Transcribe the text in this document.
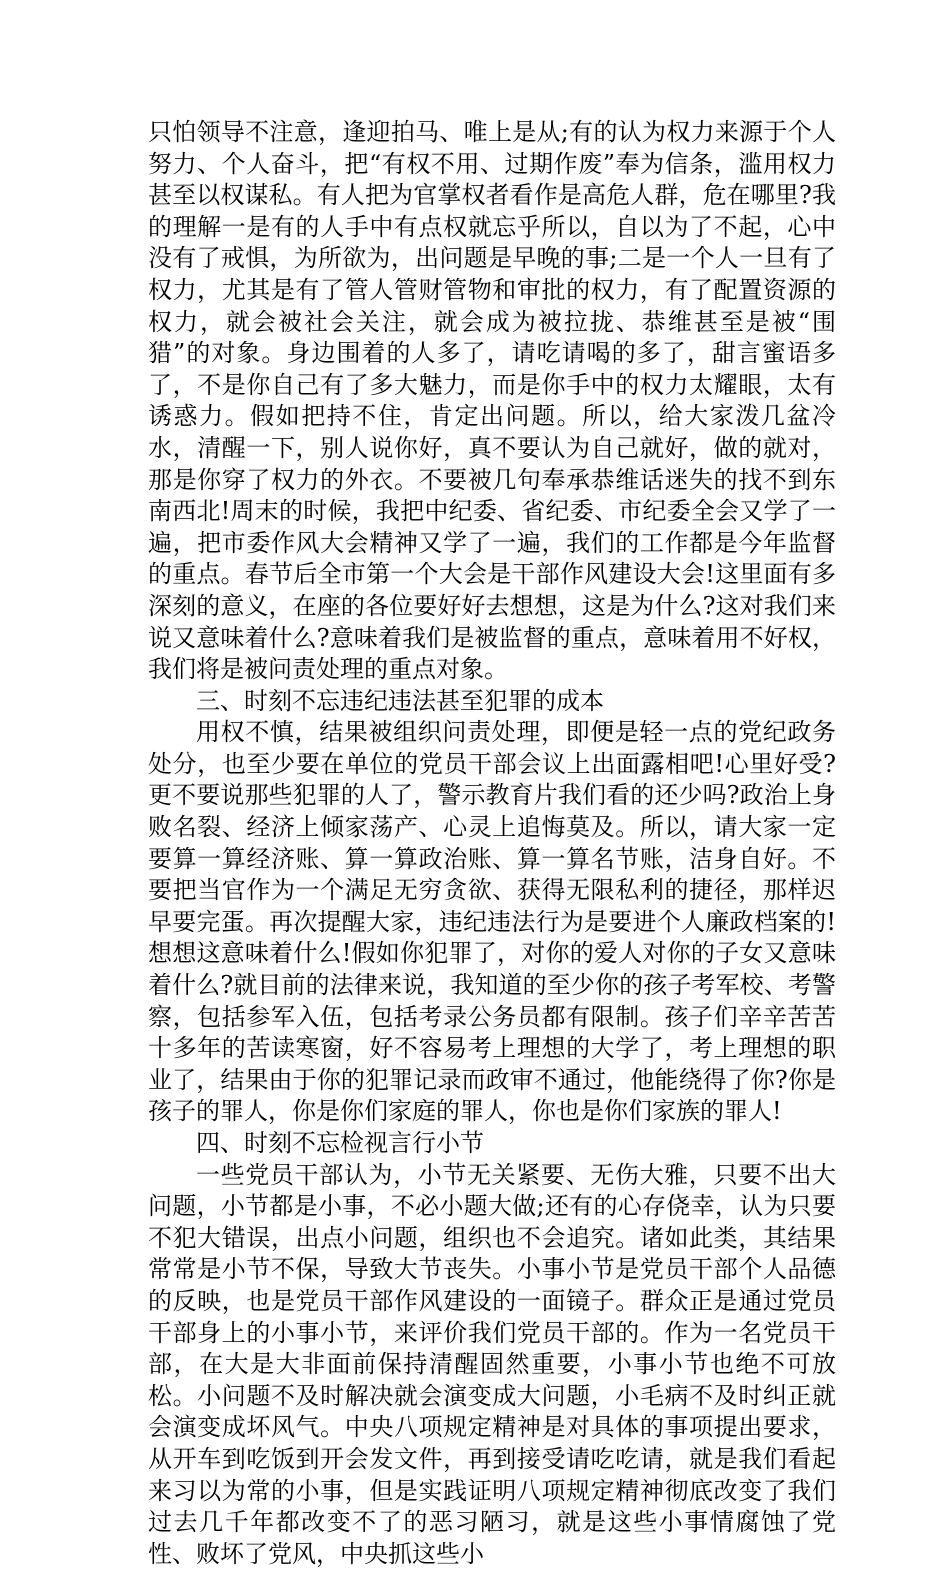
只怕领导不注意，逢迎拍马、唯上是从;有的认为权力来源于个人努力、个人奋斗，把“有权不用、过期作废”奉为信条，滥用权力甚至以权谋私。有人把为官掌权者看作是高危人群，危在哪里?我的理解一是有的人手中有点权就忘乎所以，自以为了不起，心中没有了戒惧，为所欲为，出问题是早晚的事;二是一个人一旦有了权力，尤其是有了管人管财管物和审批的权力，有了配置资源的权力，就会被社会关注，就会成为被拉拢、恭维甚至是被“围猎”的对象。身边围着的人多了，请吃请喝的多了，甜言蜜语多了，不是你自己有了多大魅力，而是你手中的权力太耀眼，太有诱惑力。假如把持不住，肯定出问题。所以，给大家泼几盆冷水，清醒一下，别人说你好，真不要认为自己就好，做的就对，那是你穿了权力的外衣。不要被几句奉承恭维话迷失的找不到东南西北!周末的时候，我把中纪委、省纪委、市纪委全会又学了一遍，把市委作风大会精神又学了一遍，我们的工作都是今年监督的重点。春节后全市第一个大会是干部作风建设大会!这里面有多深刻的意义，在座的各位要好好去想想，这是为什么?这对我们来说又意味着什么?意味着我们是被监督的重点，意味着用不好权，我们将是被问责处理的重点对象。

三、时刻不忘违纪违法甚至犯罪的成本

用权不慎，结果被组织问责处理，即便是轻一点的党纪政务处分，也至少要在单位的党员干部会议上出面露相吧!心里好受?更不要说那些犯罪的人了，警示教育片我们看的还少吗?政治上身败名裂、经济上倾家荡产、心灵上追悔莫及。所以，请大家一定要算一算经济账、算一算政治账、算一算名节账，洁身自好。不要把当官作为一个满足无穷贪欲、获得无限私利的捷径，那样迟早要完蛋。再次提醒大家，违纪违法行为是要进个人廉政档案的!想想这意味着什么!假如你犯罪了，对你的爱人对你的子女又意味着什么?就目前的法律来说，我知道的至少你的孩子考军校、考警察，包括参军入伍，包括考录公务员都有限制。孩子们辛辛苦苦十多年的苦读寒窗，好不容易考上理想的大学了，考上理想的职业了，结果由于你的犯罪记录而政审不通过，他能绕得了你?你是孩子的罪人，你是你们家庭的罪人，你也是你们家族的罪人!

四、时刻不忘检视言行小节

一些党员干部认为，小节无关紧要、无伤大雅，只要不出大问题，小节都是小事，不必小题大做;还有的心存侥幸，认为只要不犯大错误，出点小问题，组织也不会追究。诸如此类，其结果常常是小节不保，导致大节丧失。小事小节是党员干部个人品德的反映，也是党员干部作风建设的一面镜子。群众正是通过党员干部身上的小事小节，来评价我们党员干部的。作为一名党员干部，在大是大非面前保持清醒固然重要，小事小节也绝不可放松。小问题不及时解决就会演变成大问题，小毛病不及时纠正就会演变成坏风气。中央八项规定精神是对具体的事项提出要求，从开车到吃饭到开会发文件，再到接受请吃吃请，就是我们看起来习以为常的小事，但是实践证明八项规定精神彻底改变了我们过去几千年都改变不了的恶习陋习，就是这些小事情腐蚀了党性、败坏了党风，中央抓这些小
